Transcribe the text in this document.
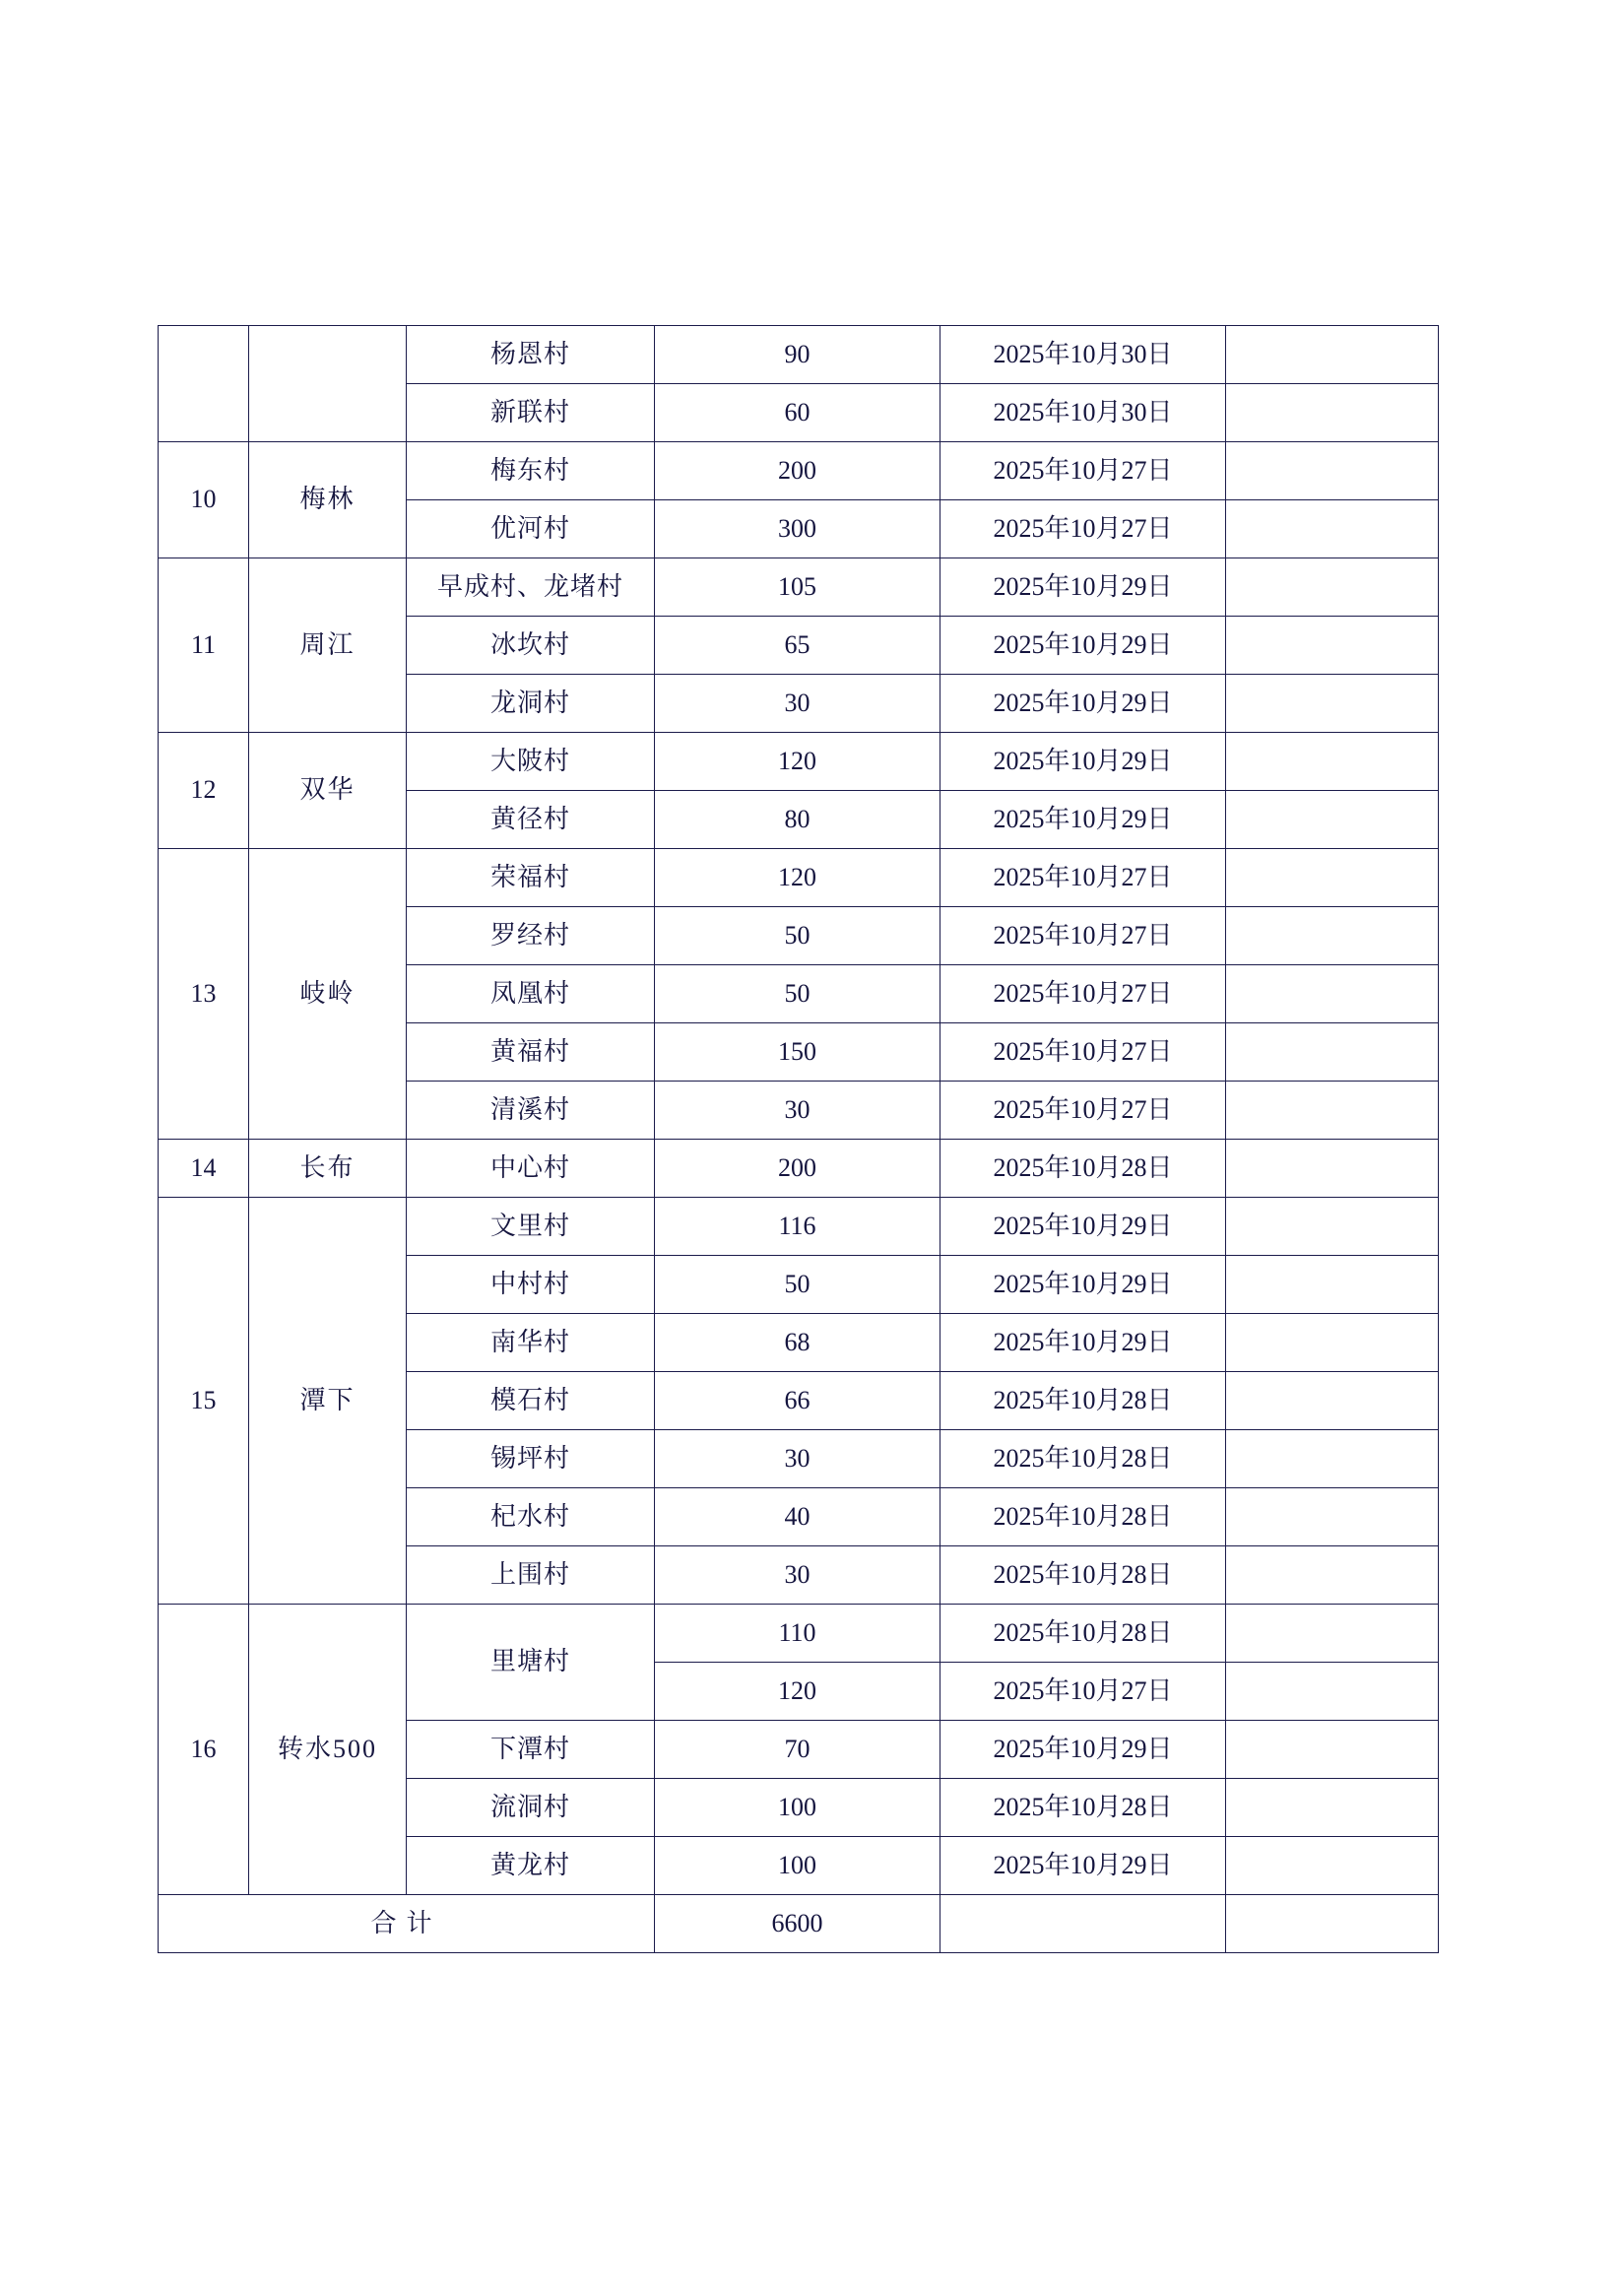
		杨恩村	90	2025年10月30日	
		新联村	60	2025年10月30日	
10	梅林	梅东村	200	2025年10月27日	
		优河村	300	2025年10月27日	
11	周江	早成村、龙堵村	105	2025年10月29日	
		冰坎村	65	2025年10月29日	
		龙洞村	30	2025年10月29日	
12	双华	大陂村	120	2025年10月29日	
		黄径村	80	2025年10月29日	
13	岐岭	荣福村	120	2025年10月27日	
		罗经村	50	2025年10月27日	
		凤凰村	50	2025年10月27日	
		黄福村	150	2025年10月27日	
		清溪村	30	2025年10月27日	
14	长布	中心村	200	2025年10月28日	
15	潭下	文里村	116	2025年10月29日	
		中村村	50	2025年10月29日	
		南华村	68	2025年10月29日	
		模石村	66	2025年10月28日	
		锡坪村	30	2025年10月28日	
		杞水村	40	2025年10月28日	
		上围村	30	2025年10月28日	
16	转水500	里塘村	110	2025年10月28日	
			120	2025年10月27日	
		下潭村	70	2025年10月29日	
		流洞村	100	2025年10月28日	
		黄龙村	100	2025年10月29日	
合计			6600		
